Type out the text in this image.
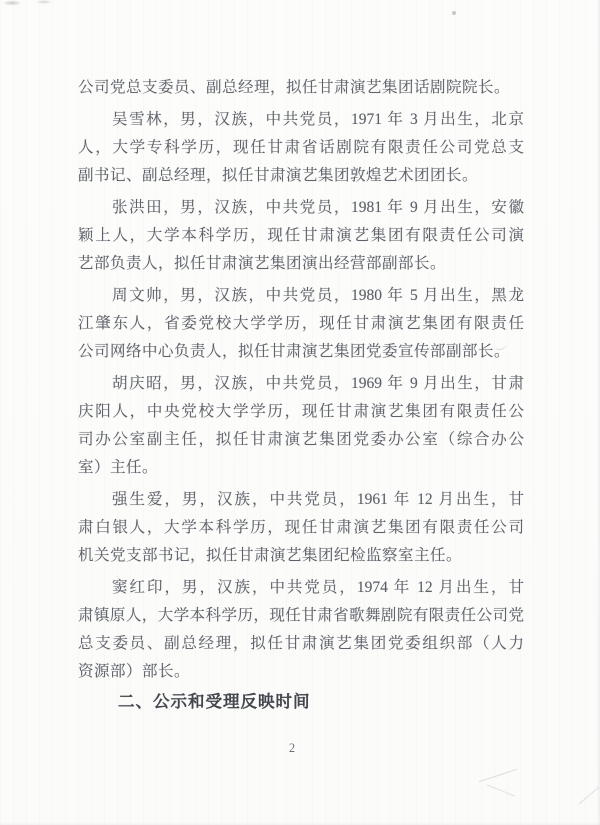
公司党总支委员、副总经理，拟任甘肃演艺集团话剧院院长。
吴雪林，男，汉族，中共党员，1971 年 3 月出生，北京
人，大学专科学历，现任甘肃省话剧院有限责任公司党总支
副书记、副总经理，拟任甘肃演艺集团敦煌艺术团团长。
张洪田，男，汉族，中共党员，1981 年 9 月出生，安徽
颖上人，大学本科学历，现任甘肃演艺集团有限责任公司演
艺部负责人，拟任甘肃演艺集团演出经营部副部长。
周文帅，男，汉族，中共党员，1980 年 5 月出生，黑龙
江肇东人，省委党校大学学历，现任甘肃演艺集团有限责任
公司网络中心负责人，拟任甘肃演艺集团党委宣传部副部长。
胡庆昭，男，汉族，中共党员，1969 年 9 月出生，甘肃
庆阳人，中央党校大学学历，现任甘肃演艺集团有限责任公
司办公室副主任，拟任甘肃演艺集团党委办公室（综合办公
室）主任。
强生爱，男，汉族，中共党员，1961 年 12 月出生，甘
肃白银人，大学本科学历，现任甘肃演艺集团有限责任公司
机关党支部书记，拟任甘肃演艺集团纪检监察室主任。
窦红印，男，汉族，中共党员，1974 年 12 月出生，甘
肃镇原人，大学本科学历，现任甘肃省歌舞剧院有限责任公司党
总支委员、副总经理，拟任甘肃演艺集团党委组织部（人力
资源部）部长。
二、公示和受理反映时间
2
